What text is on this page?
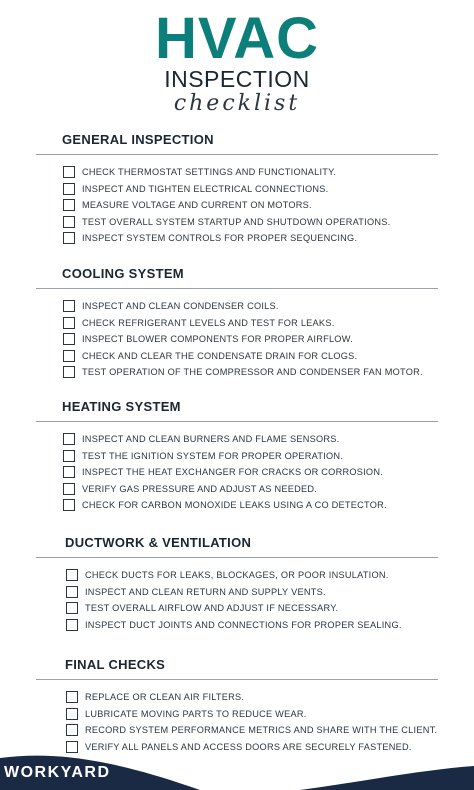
HVAC
INSPECTION
checklist
GENERAL INSPECTION
CHECK THERMOSTAT SETTINGS AND FUNCTIONALITY.
INSPECT AND TIGHTEN ELECTRICAL CONNECTIONS.
MEASURE VOLTAGE AND CURRENT ON MOTORS.
TEST OVERALL SYSTEM STARTUP AND SHUTDOWN OPERATIONS.
INSPECT SYSTEM CONTROLS FOR PROPER SEQUENCING.
COOLING SYSTEM
INSPECT AND CLEAN CONDENSER COILS.
CHECK REFRIGERANT LEVELS AND TEST FOR LEAKS.
INSPECT BLOWER COMPONENTS FOR PROPER AIRFLOW.
CHECK AND CLEAR THE CONDENSATE DRAIN FOR CLOGS.
TEST OPERATION OF THE COMPRESSOR AND CONDENSER FAN MOTOR.
HEATING SYSTEM
INSPECT AND CLEAN BURNERS AND FLAME SENSORS.
TEST THE IGNITION SYSTEM FOR PROPER OPERATION.
INSPECT THE HEAT EXCHANGER FOR CRACKS OR CORROSION.
VERIFY GAS PRESSURE AND ADJUST AS NEEDED.
CHECK FOR CARBON MONOXIDE LEAKS USING A CO DETECTOR.
DUCTWORK & VENTILATION
CHECK DUCTS FOR LEAKS, BLOCKAGES, OR POOR INSULATION.
INSPECT AND CLEAN RETURN AND SUPPLY VENTS.
TEST OVERALL AIRFLOW AND ADJUST IF NECESSARY.
INSPECT DUCT JOINTS AND CONNECTIONS FOR PROPER SEALING.
FINAL CHECKS
REPLACE OR CLEAN AIR FILTERS.
LUBRICATE MOVING PARTS TO REDUCE WEAR.
RECORD SYSTEM PERFORMANCE METRICS AND SHARE WITH THE CLIENT.
VERIFY ALL PANELS AND ACCESS DOORS ARE SECURELY FASTENED.
WORKYARD
